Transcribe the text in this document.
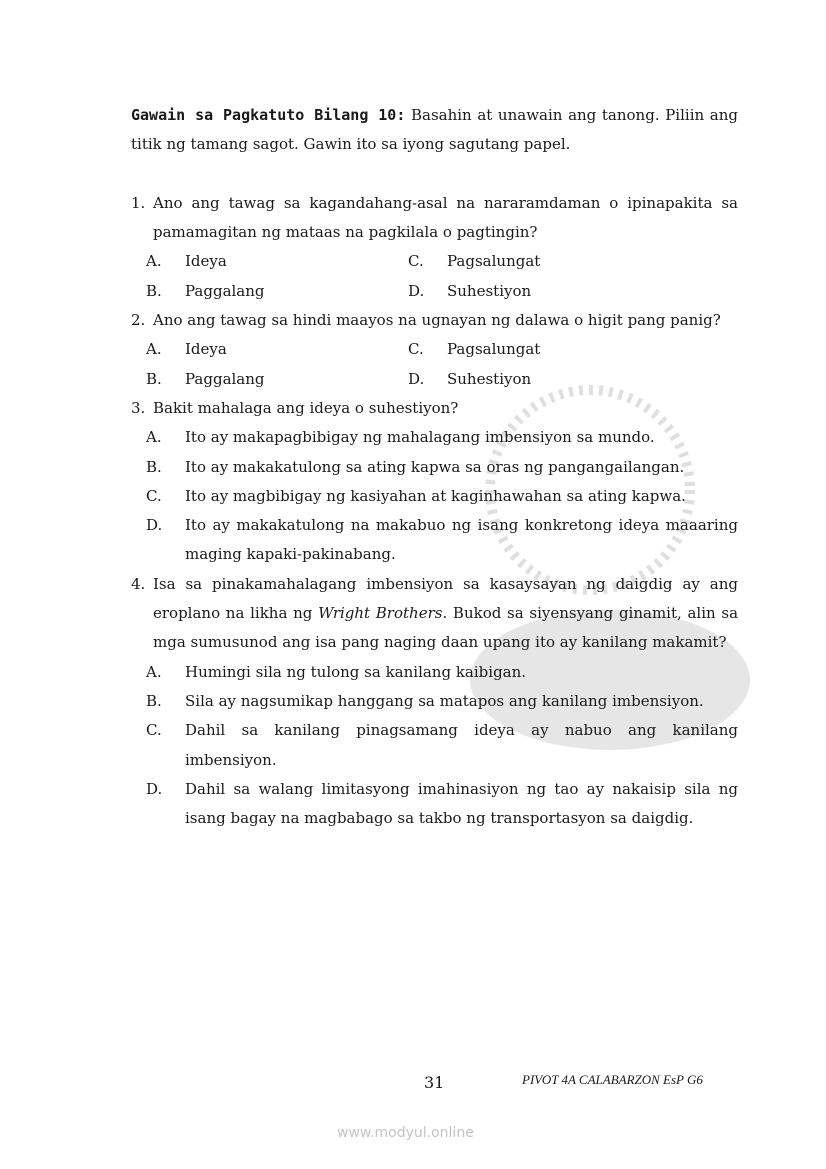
Gawain sa Pagkatuto Bilang 10: Basahin at unawain ang tanong. Piliin ang titik ng tamang sagot. Gawin ito sa iyong sagutang papel.

1. Ano ang tawag sa kagandahang-asal na nararamdaman o ipinapakita sa pamamagitan ng mataas na pagkilala o pagtingin?
A. Ideya	C. Pagsalungat
B. Paggalang	D. Suhestiyon
2. Ano ang tawag sa hindi maayos na ugnayan ng dalawa o higit pang panig?
A. Ideya	C. Pagsalungat
B. Paggalang	D. Suhestiyon
3. Bakit mahalaga ang ideya o suhestiyon?
A. Ito ay makapagbibigay ng mahalagang imbensiyon sa mundo.
B. Ito ay makakatulong sa ating kapwa sa oras ng pangangailangan.
C. Ito ay magbibigay ng kasiyahan at kaginhawahan sa ating kapwa.
D. Ito ay makakatulong na makabuo ng isang konkretong ideya maaaring maging kapaki-pakinabang.
4. Isa sa pinakamahalagang imbensiyon sa kasaysayan ng daigdig ay ang eroplano na likha ng Wright Brothers. Bukod sa siyensyang ginamit, alin sa mga sumusunod ang isa pang naging daan upang ito ay kanilang makamit?
A. Humingi sila ng tulong sa kanilang kaibigan.
B. Sila ay nagsumikap hanggang sa matapos ang kanilang imbensiyon.
C. Dahil sa kanilang pinagsamang ideya ay nabuo ang kanilang imbensiyon.
D. Dahil sa walang limitasyong imahinasiyon ng tao ay nakaisip sila ng isang bagay na magbabago sa takbo ng transportasyon sa daigdig.
31	PIVOT 4A CALABARZON EsP G6
www.modyul.online
